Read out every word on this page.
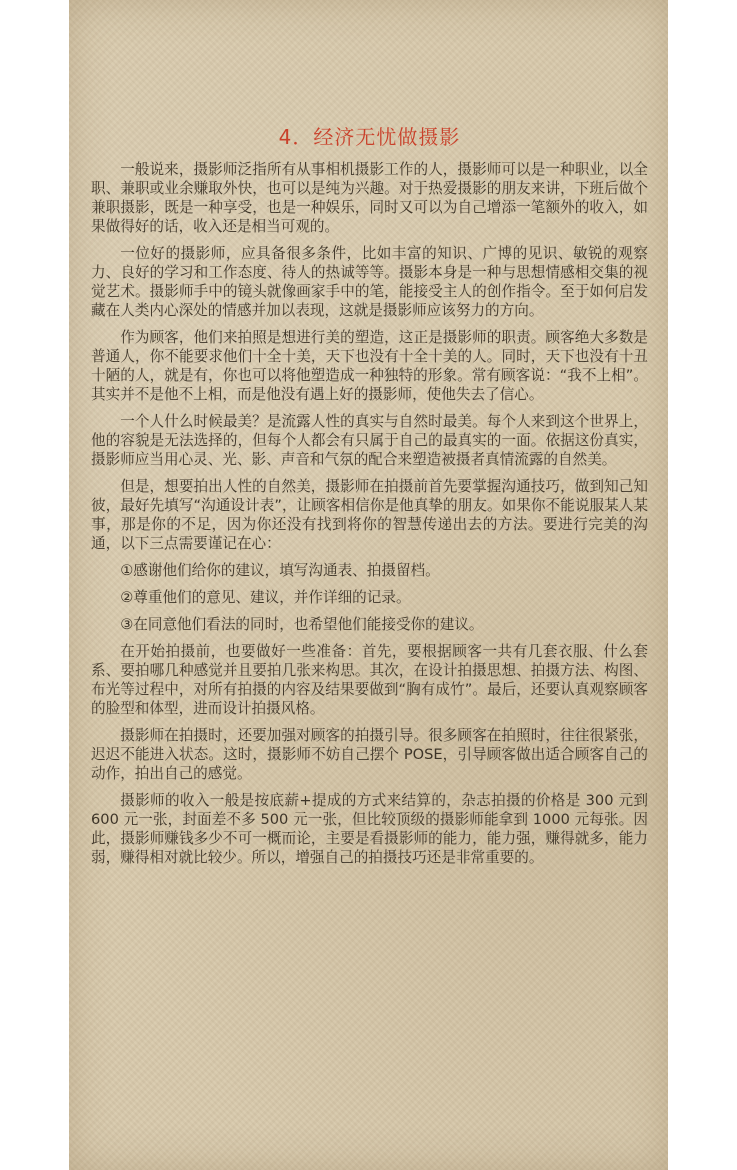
4．经济无忧做摄影

一般说来，摄影师泛指所有从事相机摄影工作的人，摄影师可以是一种职业，以全职、兼职或业余赚取外快，也可以是纯为兴趣。对于热爱摄影的朋友来讲，下班后做个兼职摄影，既是一种享受，也是一种娱乐，同时又可以为自己增添一笔额外的收入，如果做得好的话，收入还是相当可观的。

一位好的摄影师，应具备很多条件，比如丰富的知识、广博的见识、敏锐的观察力、良好的学习和工作态度、待人的热诚等等。摄影本身是一种与思想情感相交集的视觉艺术。摄影师手中的镜头就像画家手中的笔，能接受主人的创作指令。至于如何启发藏在人类内心深处的情感并加以表现，这就是摄影师应该努力的方向。

作为顾客，他们来拍照是想进行美的塑造，这正是摄影师的职责。顾客绝大多数是普通人，你不能要求他们十全十美，天下也没有十全十美的人。同时，天下也没有十丑十陋的人，就是有，你也可以将他塑造成一种独特的形象。常有顾客说：“我不上相”。其实并不是他不上相，而是他没有遇上好的摄影师，使他失去了信心。

一个人什么时候最美？是流露人性的真实与自然时最美。每个人来到这个世界上，他的容貌是无法选择的，但每个人都会有只属于自己的最真实的一面。依据这份真实，摄影师应当用心灵、光、影、声音和气氛的配合来塑造被摄者真情流露的自然美。

但是，想要拍出人性的自然美，摄影师在拍摄前首先要掌握沟通技巧，做到知己知彼，最好先填写“沟通设计表”，让顾客相信你是他真挚的朋友。如果你不能说服某人某事，那是你的不足，因为你还没有找到将你的智慧传递出去的方法。要进行完美的沟通，以下三点需要谨记在心：

①感谢他们给你的建议，填写沟通表、拍摄留档。

②尊重他们的意见、建议，并作详细的记录。

③在同意他们看法的同时，也希望他们能接受你的建议。

在开始拍摄前，也要做好一些准备：首先，要根据顾客一共有几套衣服、什么套系、要拍哪几种感觉并且要拍几张来构思。其次，在设计拍摄思想、拍摄方法、构图、布光等过程中，对所有拍摄的内容及结果要做到“胸有成竹”。最后，还要认真观察顾客的脸型和体型，进而设计拍摄风格。

摄影师在拍摄时，还要加强对顾客的拍摄引导。很多顾客在拍照时，往往很紧张，迟迟不能进入状态。这时，摄影师不妨自己摆个 POSE，引导顾客做出适合顾客自己的动作，拍出自己的感觉。

摄影师的收入一般是按底薪+提成的方式来结算的，杂志拍摄的价格是 300 元到 600 元一张，封面差不多 500 元一张，但比较顶级的摄影师能拿到 1000 元每张。因此，摄影师赚钱多少不可一概而论，主要是看摄影师的能力，能力强，赚得就多，能力弱，赚得相对就比较少。所以，增强自己的拍摄技巧还是非常重要的。
